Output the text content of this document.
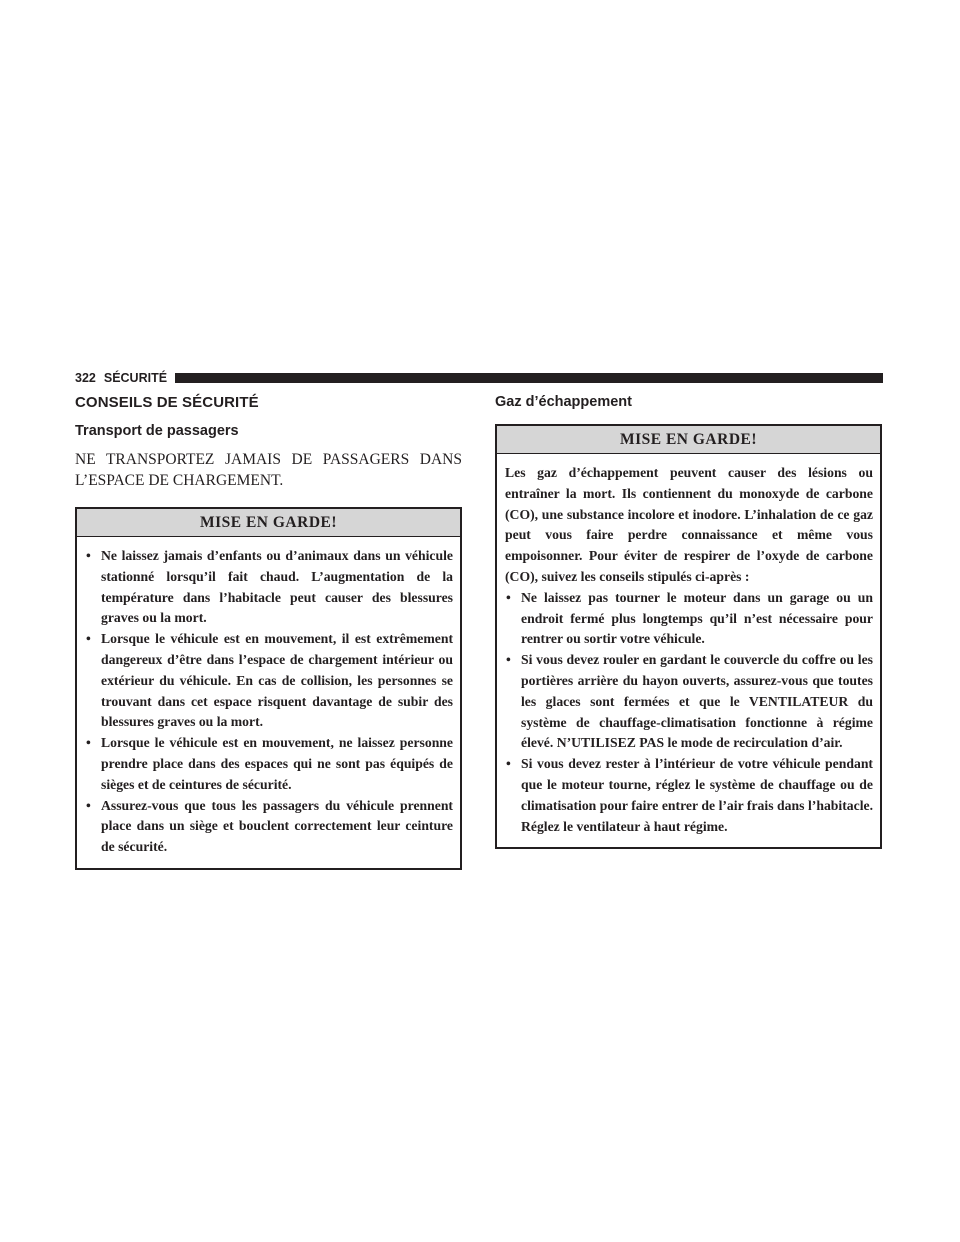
322 SÉCURITÉ
CONSEILS DE SÉCURITÉ
Transport de passagers

NE TRANSPORTEZ JAMAIS DE PASSAGERS DANS L’ESPACE DE CHARGEMENT.

MISE EN GARDE!
• Ne laissez jamais d’enfants ou d’animaux dans un véhicule stationné lorsqu’il fait chaud. L’augmentation de la température dans l’habitacle peut causer des blessures graves ou la mort.
• Lorsque le véhicule est en mouvement, il est extrêmement dangereux d’être dans l’espace de chargement intérieur ou extérieur du véhicule. En cas de collision, les personnes se trouvant dans cet espace risquent davantage de subir des blessures graves ou la mort.
• Lorsque le véhicule est en mouvement, ne laissez personne prendre place dans des espaces qui ne sont pas équipés de sièges et de ceintures de sécurité.
• Assurez-vous que tous les passagers du véhicule prennent place dans un siège et bouclent correctement leur ceinture de sécurité.
Gaz d’échappement
MISE EN GARDE!

Les gaz d’échappement peuvent causer des lésions ou entraîner la mort. Ils contiennent du monoxyde de carbone (CO), une substance incolore et inodore. L’inhalation de ce gaz peut vous faire perdre connaissance et même vous empoisonner. Pour éviter de respirer de l’oxyde de carbone (CO), suivez les conseils stipulés ci-après :

• Ne laissez pas tourner le moteur dans un garage ou un endroit fermé plus longtemps qu’il n’est nécessaire pour rentrer ou sortir votre véhicule.
• Si vous devez rouler en gardant le couvercle du coffre ou les portières arrière du hayon ouverts, assurez-vous que toutes les glaces sont fermées et que le VENTILATEUR du système de chauffage-climatisation fonctionne à régime élevé. N’UTILISEZ PAS le mode de recirculation d’air.
• Si vous devez rester à l’intérieur de votre véhicule pendant que le moteur tourne, réglez le système de chauffage ou de climatisation pour faire entrer de l’air frais dans l’habitacle. Réglez le ventilateur à haut régime.
